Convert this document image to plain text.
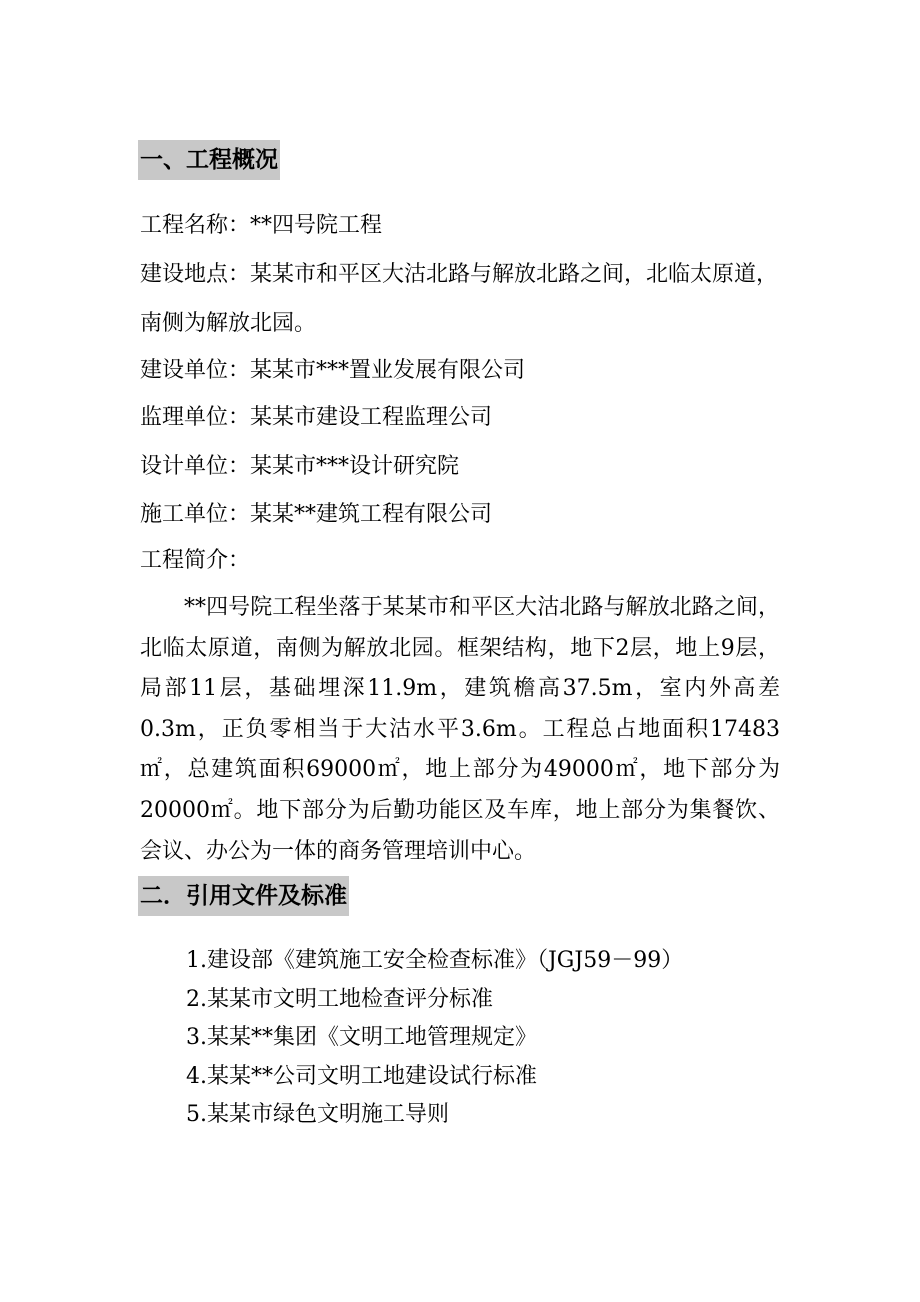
一、工程概况
工程名称：**四号院工程
建设地点：某某市和平区大沽北路与解放北路之间，北临太原道，
南侧为解放北园。
建设单位：某某市***置业发展有限公司
监理单位：某某市建设工程监理公司
设计单位：某某市***设计研究院
施工单位：某某**建筑工程有限公司
工程简介：
**四号院工程坐落于某某市和平区大沽北路与解放北路之间，北临太原道，南侧为解放北园。框架结构，地下2层，地上9层，局部11层，基础埋深11.9m，建筑檐高37.5m，室内外高差0.3m，正负零相当于大沽水平3.6m。工程总占地面积17483㎡，总建筑面积69000㎡，地上部分为49000㎡，地下部分为20000㎡。地下部分为后勤功能区及车库，地上部分为集餐饮、会议、办公为一体的商务管理培训中心。
二．引用文件及标准
1.建设部《建筑施工安全检查标准》（JGJ59－99）
2.某某市文明工地检查评分标准
3.某某**集团《文明工地管理规定》
4.某某**公司文明工地建设试行标准
5.某某市绿色文明施工导则
